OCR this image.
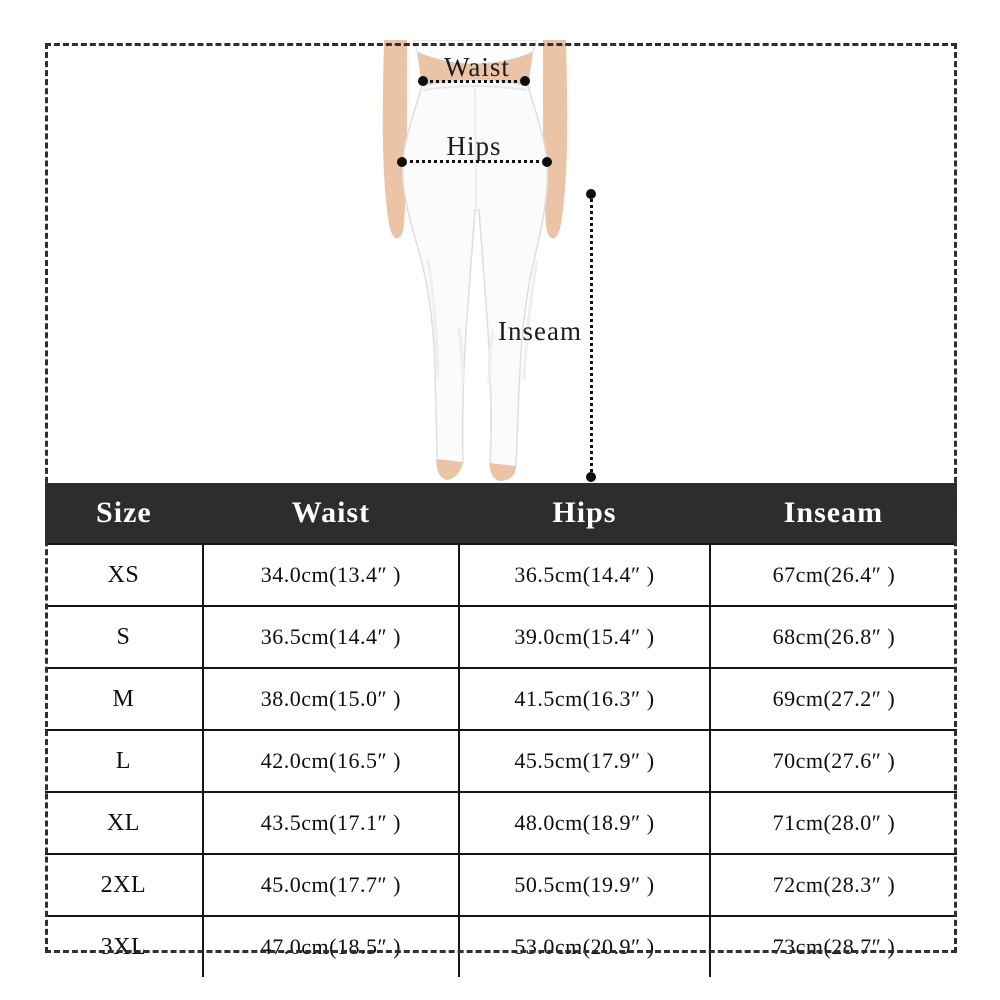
Waist
Hips
Inseam
Size	Waist	Hips	Inseam
XS	34.0cm(13.4″ )	36.5cm(14.4″ )	67cm(26.4″ )
S	36.5cm(14.4″ )	39.0cm(15.4″ )	68cm(26.8″ )
M	38.0cm(15.0″ )	41.5cm(16.3″ )	69cm(27.2″ )
L	42.0cm(16.5″ )	45.5cm(17.9″ )	70cm(27.6″ )
XL	43.5cm(17.1″ )	48.0cm(18.9″ )	71cm(28.0″ )
2XL	45.0cm(17.7″ )	50.5cm(19.9″ )	72cm(28.3″ )
3XL	47.0cm(18.5″ )	53.0cm(20.9″ )	73cm(28.7″ )
